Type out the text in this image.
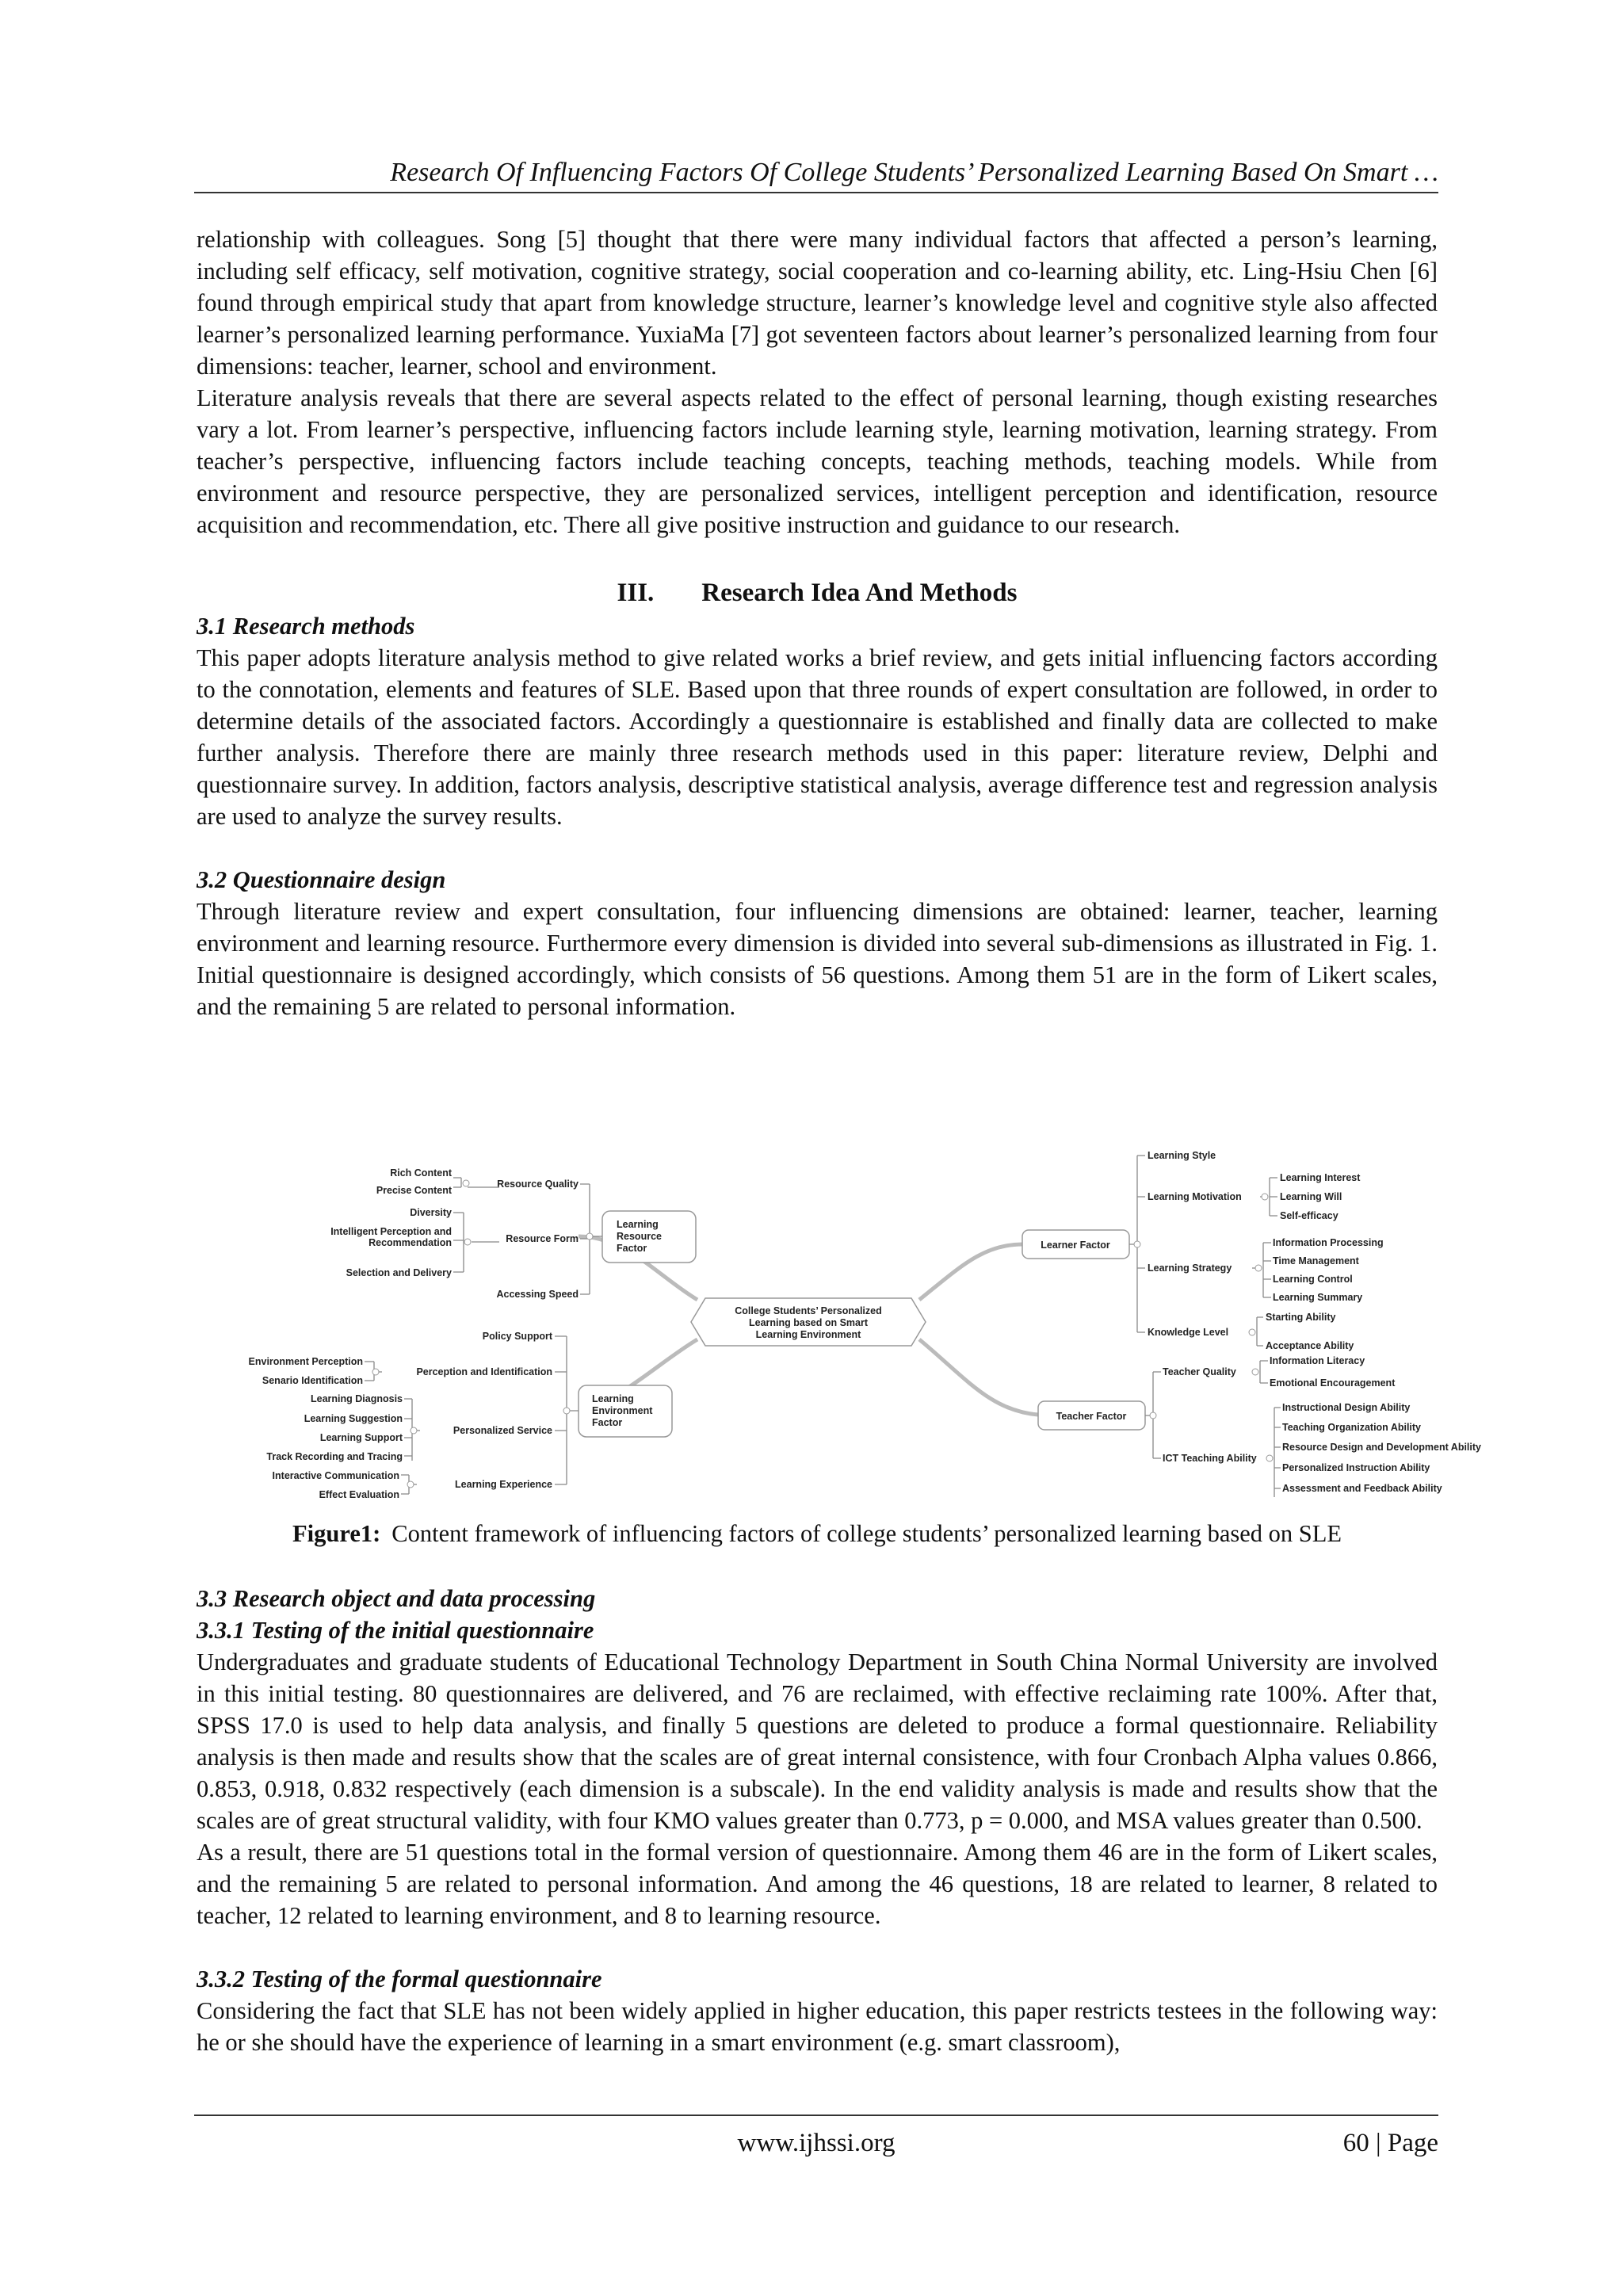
Research Of Influencing Factors Of College Students’ Personalized Learning Based On Smart …

relationship with colleagues. Song [5] thought that there were many individual factors that affected a person’s learning, including self efficacy, self motivation, cognitive strategy, social cooperation and co-learning ability, etc. Ling-Hsiu Chen [6] found through empirical study that apart from knowledge structure, learner’s knowledge level and cognitive style also affected learner’s personalized learning performance. YuxiaMa [7] got seventeen factors about learner’s personalized learning from four dimensions: teacher, learner, school and environment.

Literature analysis reveals that there are several aspects related to the effect of personal learning, though existing researches vary a lot. From learner’s perspective, influencing factors include learning style, learning motivation, learning strategy. From teacher’s perspective, influencing factors include teaching concepts, teaching methods, teaching models. While from environment and resource perspective, they are personalized services, intelligent perception and identification, resource acquisition and recommendation, etc. There all give positive instruction and guidance to our research.

III. Research Idea And Methods

3.1 Research methods

This paper adopts literature analysis method to give related works a brief review, and gets initial influencing factors according to the connotation, elements and features of SLE. Based upon that three rounds of expert consultation are followed, in order to determine details of the associated factors. Accordingly a questionnaire is established and finally data are collected to make further analysis. Therefore there are mainly three research methods used in this paper: literature review, Delphi and questionnaire survey. In addition, factors analysis, descriptive statistical analysis, average difference test and regression analysis are used to analyze the survey results.

3.2 Questionnaire design

Through literature review and expert consultation, four influencing dimensions are obtained: learner, teacher, learning environment and learning resource. Furthermore every dimension is divided into several sub-dimensions as illustrated in Fig. 1. Initial questionnaire is designed accordingly, which consists of 56 questions. Among them 51 are in the form of Likert scales, and the remaining 5 are related to personal information.

College Students’ Personalized
Learning based on Smart
Learning Environment
Learning
Resource
Factor
Resource Quality
Resource Form
Accessing Speed
Rich Content
Precise Content
Diversity
Intelligent Perception and
Recommendation
Selection and Delivery
Learning
Environment
Factor
Policy Support
Perception and Identification
Personalized Service
Learning Experience
Environment Perception
Senario Identification
Learning Diagnosis
Learning Suggestion
Learning Support
Track Recording and Tracing
Interactive Communication
Effect Evaluation
Learner Factor
Learning Style
Learning Motivation
Learning Strategy
Knowledge Level
Learning Interest
Learning Will
Self-efficacy
Information Processing
Time Management
Learning Control
Learning Summary
Starting Ability
Acceptance Ability
Teacher Factor
Teacher Quality
ICT Teaching Ability
Information Literacy
Emotional Encouragement
Instructional Design Ability
Teaching Organization Ability
Resource Design and Development Ability
Personalized Instruction Ability
Assessment and Feedback Ability
Figure1: Content framework of influencing factors of college students’ personalized learning based on SLE

3.3 Research object and data processing

3.3.1 Testing of the initial questionnaire

Undergraduates and graduate students of Educational Technology Department in South China Normal University are involved in this initial testing. 80 questionnaires are delivered, and 76 are reclaimed, with effective reclaiming rate 100%. After that, SPSS 17.0 is used to help data analysis, and finally 5 questions are deleted to produce a formal questionnaire. Reliability analysis is then made and results show that the scales are of great internal consistence, with four Cronbach Alpha values 0.866, 0.853, 0.918, 0.832 respectively (each dimension is a subscale). In the end validity analysis is made and results show that the scales are of great structural validity, with four KMO values greater than 0.773, p = 0.000, and MSA values greater than 0.500.

As a result, there are 51 questions total in the formal version of questionnaire. Among them 46 are in the form of Likert scales, and the remaining 5 are related to personal information. And among the 46 questions, 18 are related to learner, 8 related to teacher, 12 related to learning environment, and 8 to learning resource.

3.3.2 Testing of the formal questionnaire

Considering the fact that SLE has not been widely applied in higher education, this paper restricts testees in the following way: he or she should have the experience of learning in a smart environment (e.g. smart classroom),

www.ijhssi.org	60 | Page
